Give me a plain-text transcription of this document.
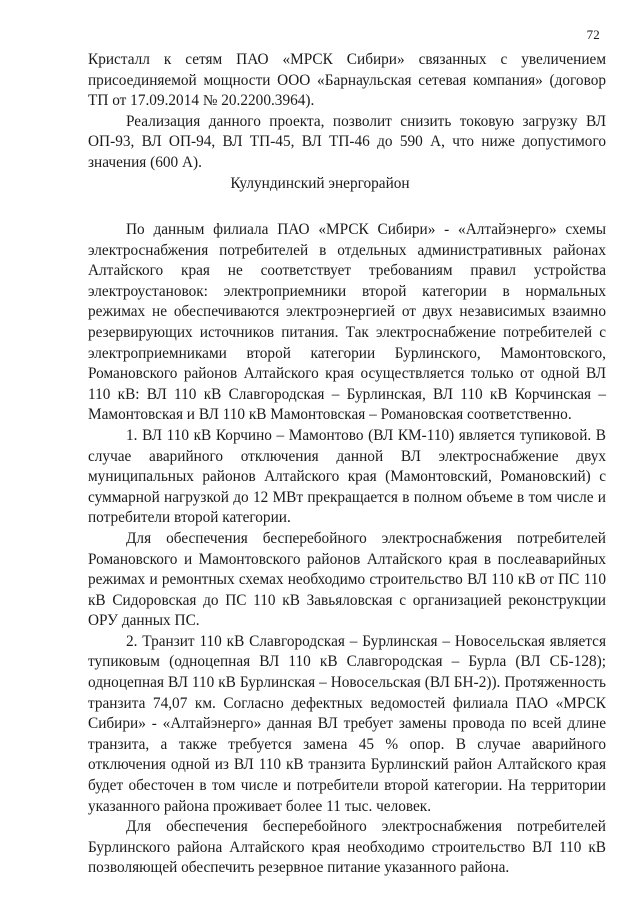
72

Кристалл к сетям ПАО «МРСК Сибири» связанных с увеличением присоединяемой мощности ООО «Барнаульская сетевая компания» (договор ТП от 17.09.2014 № 20.2200.3964).

Реализация данного проекта, позволит снизить токовую загрузку ВЛ ОП-93, ВЛ ОП-94, ВЛ ТП-45, ВЛ ТП-46 до 590 А, что ниже допустимого значения (600 А).

Кулундинский энергорайон

По данным филиала ПАО «МРСК Сибири» - «Алтайэнерго» схемы электроснабжения потребителей в отдельных административных районах Алтайского края не соответствует требованиям правил устройства электроустановок: электроприемники второй категории в нормальных режимах не обеспечиваются электроэнергией от двух независимых взаимно резервирующих источников питания. Так электроснабжение потребителей с электроприемниками второй категории Бурлинского, Мамонтовского, Романовского районов Алтайского края осуществляется только от одной ВЛ 110 кВ: ВЛ 110 кВ Славгородская – Бурлинская, ВЛ 110 кВ Корчинская – Мамонтовская и ВЛ 110 кВ Мамонтовская – Романовская соответственно.

1. ВЛ 110 кВ Корчино – Мамонтово (ВЛ КМ-110) является тупиковой. В случае аварийного отключения данной ВЛ электроснабжение двух муниципальных районов Алтайского края (Мамонтовский, Романовский) с суммарной нагрузкой до 12 МВт прекращается в полном объеме в том числе и потребители второй категории.

Для обеспечения бесперебойного электроснабжения потребителей Романовского и Мамонтовского районов Алтайского края в послеаварийных режимах и ремонтных схемах необходимо строительство ВЛ 110 кВ от ПС 110 кВ Сидоровская до ПС 110 кВ Завьяловская с организацией реконструкции ОРУ данных ПС.

2. Транзит 110 кВ Славгородская – Бурлинская – Новосельская является тупиковым (одноцепная ВЛ 110 кВ Славгородская – Бурла (ВЛ СБ-128); одноцепная ВЛ 110 кВ Бурлинская – Новосельская (ВЛ БН-2)). Протяженность транзита 74,07 км. Согласно дефектных ведомостей филиала ПАО «МРСК Сибири» - «Алтайэнерго» данная ВЛ требует замены провода по всей длине транзита, а также требуется замена 45 % опор. В случае аварийного отключения одной из ВЛ 110 кВ транзита Бурлинский район Алтайского края будет обесточен в том числе и потребители второй категории. На территории указанного района проживает более 11 тыс. человек.

Для обеспечения бесперебойного электроснабжения потребителей Бурлинского района Алтайского края необходимо строительство ВЛ 110 кВ позволяющей обеспечить резервное питание указанного района.
